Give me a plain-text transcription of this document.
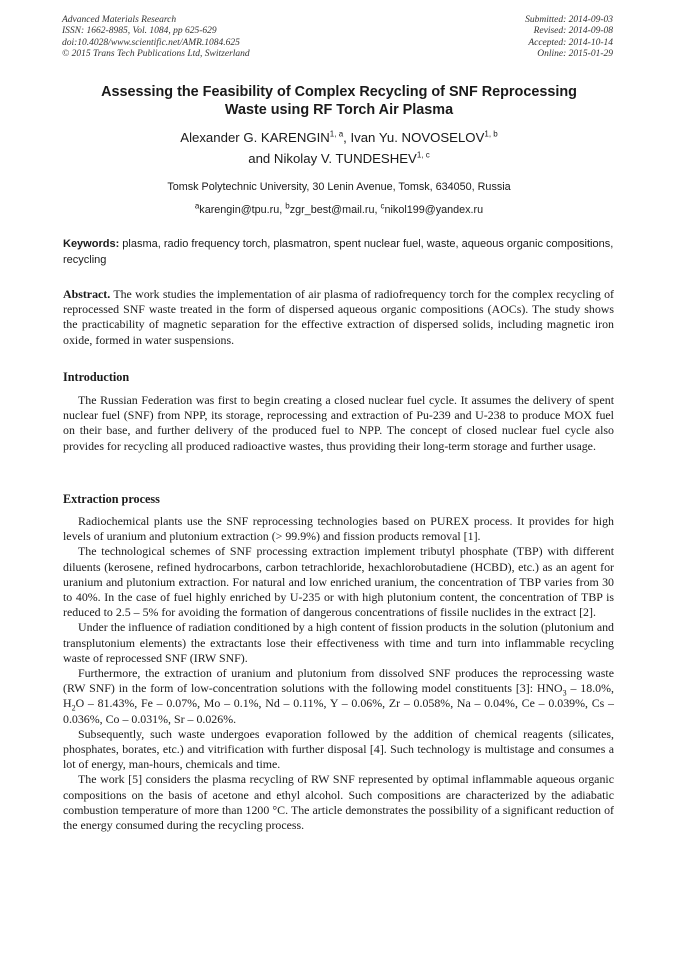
Advanced Materials Research
ISSN: 1662-8985, Vol. 1084, pp 625-629
doi:10.4028/www.scientific.net/AMR.1084.625
© 2015 Trans Tech Publications Ltd, Switzerland
Submitted: 2014-09-03
Revised: 2014-09-08
Accepted: 2014-10-14
Online: 2015-01-29
Assessing the Feasibility of Complex Recycling of SNF Reprocessing
Waste using RF Torch Air Plasma
Alexander G. KARENGIN$^{1, a}$, Ivan Yu. NOVOSELOV$^{1, b}$
and Nikolay V. TUNDESHEV$^{1, c}$
Tomsk Polytechnic University, 30 Lenin Avenue, Tomsk, 634050, Russia
$^a$karengin@tpu.ru, $^b$zgr_best@mail.ru, $^c$nikol199@yandex.ru
Keywords: plasma, radio frequency torch, plasmatron, spent nuclear fuel, waste, aqueous organic compositions, recycling

Abstract. The work studies the implementation of air plasma of radiofrequency torch for the complex recycling of reprocessed SNF waste treated in the form of dispersed aqueous organic compositions (AOCs). The study shows the practicability of magnetic separation for the effective extraction of dispersed solids, including magnetic iron oxide, formed in water suspensions.

Introduction

The Russian Federation was first to begin creating a closed nuclear fuel cycle. It assumes the delivery of spent nuclear fuel (SNF) from NPP, its storage, reprocessing and extraction of Pu-239 and U-238 to produce MOX fuel on their base, and further delivery of the produced fuel to NPP. The concept of closed nuclear fuel cycle also provides for recycling all produced radioactive wastes, thus providing their long-term storage and further usage.

Extraction process

Radiochemical plants use the SNF reprocessing technologies based on PUREX process. It provides for high levels of uranium and plutonium extraction (> 99.9%) and fission products removal [1].

The technological schemes of SNF processing extraction implement tributyl phosphate (TBP) with different diluents (kerosene, refined hydrocarbons, carbon tetrachloride, hexachlorobutadiene (HCBD), etc.) as an agent for uranium and plutonium extraction. For natural and low enriched uranium, the concentration of TBP varies from 30 to 40%. In the case of fuel highly enriched by U-235 or with high plutonium content, the concentration of TBP is reduced to 2.5 – 5% for avoiding the formation of dangerous concentrations of fissile nuclides in the extract [2].

Under the influence of radiation conditioned by a high content of fission products in the solution (plutonium and transplutonium elements) the extractants lose their effectiveness with time and turn into inflammable recycling waste of reprocessed SNF (IRW SNF).

Furthermore, the extraction of uranium and plutonium from dissolved SNF produces the reprocessing waste (RW SNF) in the form of low-concentration solutions with the following model constituents [3]: $HNO_3 - 18.0\%$, $H_2O - 81.43\%$, Fe – 0.07%, Mo – 0.1%, Nd – 0.11%, Y – 0.06%, Zr – 0.058%, Na – 0.04%, Ce – 0.039%, Cs – 0.036%, Co – 0.031%, Sr – 0.026%.

Subsequently, such waste undergoes evaporation followed by the addition of chemical reagents (silicates, phosphates, borates, etc.) and vitrification with further disposal [4]. Such technology is multistage and consumes a lot of energy, man-hours, chemicals and time.

The work [5] considers the plasma recycling of RW SNF represented by optimal inflammable aqueous organic compositions on the basis of acetone and ethyl alcohol. Such compositions are characterized by the adiabatic combustion temperature of more than 1200 °C. The article demonstrates the possibility of a significant reduction of the energy consumed during the recycling process.
